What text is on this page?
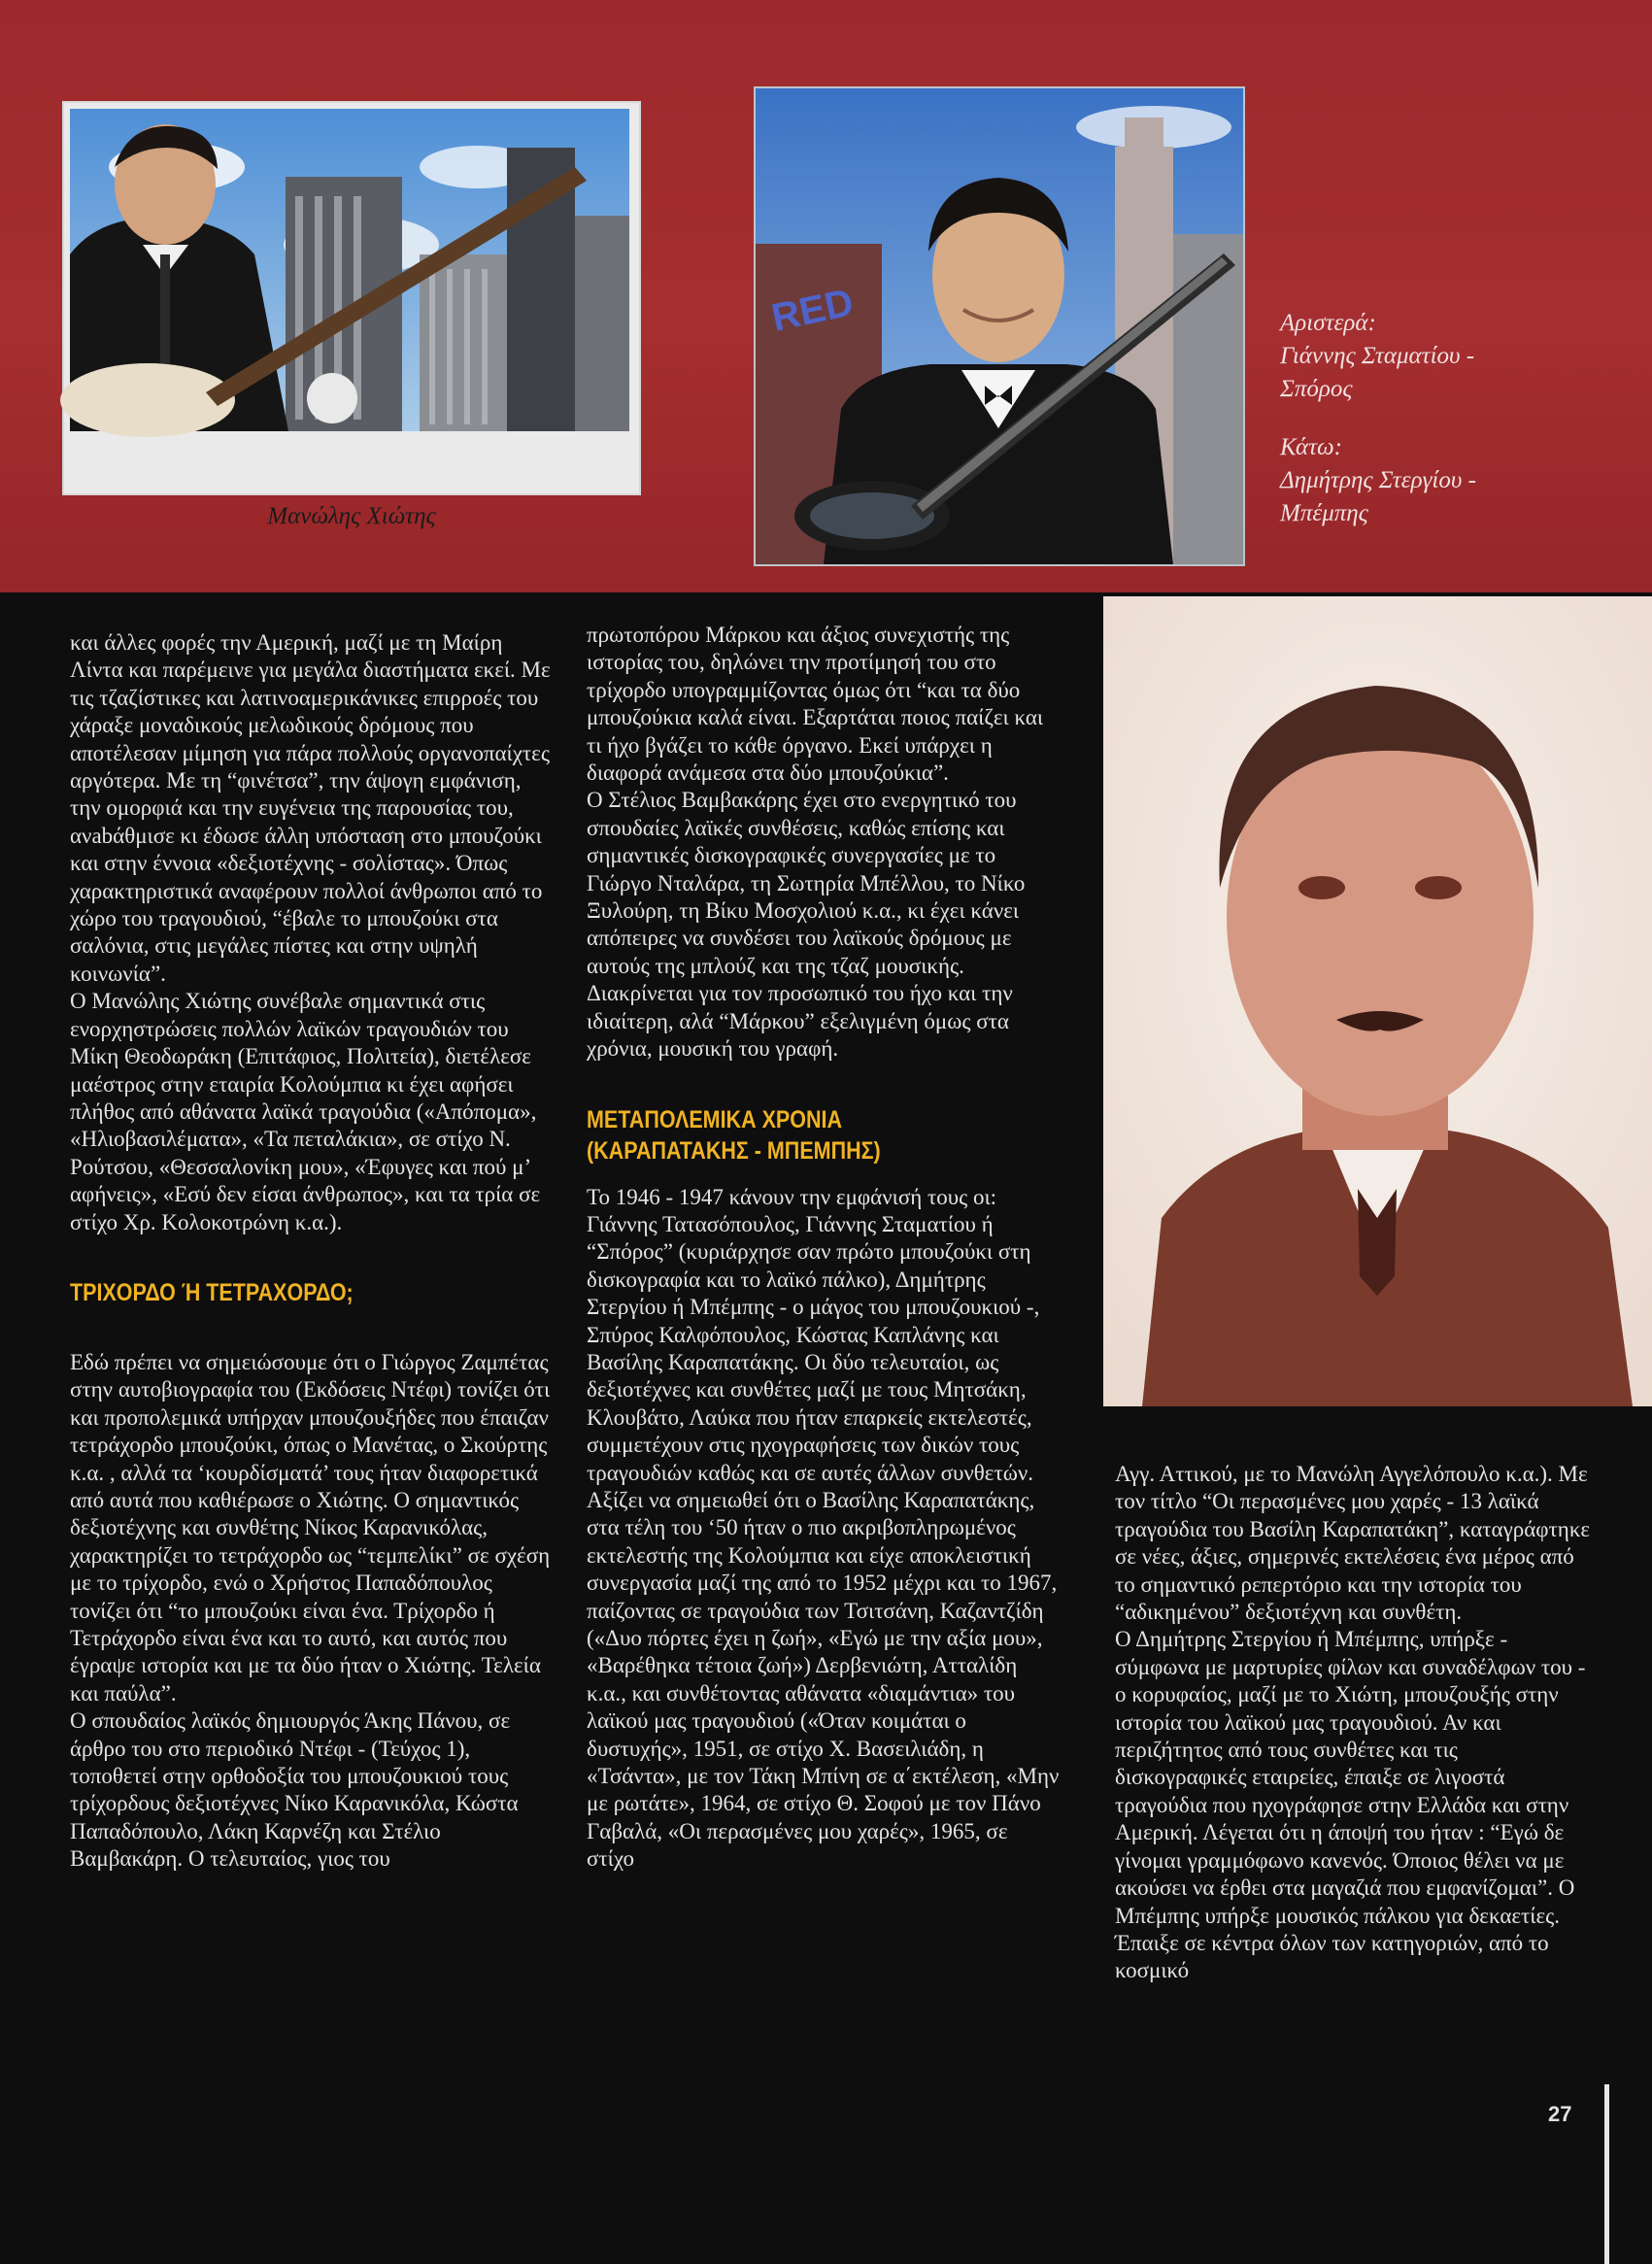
Μανώλης Χιώτης
RED	Αριστερά:
Γιάννης Σταματίου -
Σπόρος
Κάτω:
Δημήτρης Στεργίου -
Μπέμπης

και άλλες φορές την Αμερική, μαζί με τη Μαίρη Λίντα και παρέμεινε για μεγάλα διαστήματα εκεί. Με τις τζαζίστικες και λατινοαμερικάνικες επιρροές του χάραξε μοναδικούς μελωδικούς δρόμους που αποτέλεσαν μίμηση για πάρα πολλούς οργανοπαίχτες αργότερα. Με τη “φινέτσα”, την άψογη εμφάνιση, την ομορφιά και την ευγένεια της παρουσίας του, ανabάθμισε κι έδωσε άλλη υπόσταση στο μπουζούκι και στην έννοια «δεξιοτέχνης - σολίστας». Όπως χαρακτηριστικά αναφέρουν πολλοί άνθρωποι από το χώρο του τραγουδιού, “έβαλε το μπουζούκι στα σαλόνια, στις μεγάλες πίστες και στην υψηλή κοινωνία”.

Ο Μανώλης Χιώτης συνέβαλε σημαντικά στις ενορχηστρώσεις πολλών λαϊκών τραγουδιών του Μίκη Θεοδωράκη (Επιτάφιος, Πολιτεία), διετέλεσε μαέστρος στην εταιρία Κολούμπια κι έχει αφήσει πλήθος από αθάνατα λαϊκά τραγούδια («Απόπομα», «Ηλιοβασιλέματα», «Τα πεταλάκια», σε στίχο Ν. Ρούτσου, «Θεσσαλονίκη μου», «Έφυγες και πού μ’ αφήνεις», «Εσύ δεν είσαι άνθρωπος», και τα τρία σε στίχο Χρ. Κολοκοτρώνη κ.α.).

ΤΡΙΧΟΡΔΟ Ή ΤΕΤΡΑΧΟΡΔΟ;

Εδώ πρέπει να σημειώσουμε ότι ο Γιώργος Ζαμπέτας στην αυτοβιογραφία του (Εκδόσεις Ντέφι) τονίζει ότι και προπολεμικά υπήρχαν μπουζουξήδες που έπαιζαν τετράχορδο μπουζούκι, όπως ο Μανέτας, ο Σκούρτης κ.α. , αλλά τα ‘κουρδίσματά’ τους ήταν διαφορετικά από αυτά που καθιέρωσε ο Χιώτης. Ο σημαντικός δεξιοτέχνης και συνθέτης Νίκος Καρανικόλας, χαρακτηρίζει το τετράχορδο ως “τεμπελίκι” σε σχέση με το τρίχορδο, ενώ ο Χρήστος Παπαδόπουλος τονίζει ότι “το μπουζούκι είναι ένα. Τρίχορδο ή Τετράχορδο είναι ένα και το αυτό, και αυτός που έγραψε ιστορία και με τα δύο ήταν ο Χιώτης. Τελεία και παύλα”.

Ο σπουδαίος λαϊκός δημιουργός Άκης Πάνου, σε άρθρο του στο περιοδικό Ντέφι - (Τεύχος 1), τοποθετεί στην ορθοδοξία του μπουζουκιού τους τρίχορδους δεξιοτέχνες Νίκο Καρανικόλα, Κώστα Παπαδόπουλο, Λάκη Καρνέζη και Στέλιο Βαμβακάρη. Ο τελευταίος, γιος του

πρωτοπόρου Μάρκου και άξιος συνεχιστής της ιστορίας του, δηλώνει την προτίμησή του στο τρίχορδο υπογραμμίζοντας όμως ότι “και τα δύο μπουζούκια καλά είναι. Εξαρτάται ποιος παίζει και τι ήχο βγάζει το κάθε όργανο. Εκεί υπάρχει η διαφορά ανάμεσα στα δύο μπουζούκια”.

Ο Στέλιος Βαμβακάρης έχει στο ενεργητικό του σπουδαίες λαϊκές συνθέσεις, καθώς επίσης και σημαντικές δισκογραφικές συνεργασίες με το Γιώργο Νταλάρα, τη Σωτηρία Μπέλλου, το Νίκο Ξυλούρη, τη Βίκυ Μοσχολιού κ.α., κι έχει κάνει απόπειρες να συνδέσει του λαϊκούς δρόμους με αυτούς της μπλούζ και της τζαζ μουσικής. Διακρίνεται για τον προσωπικό του ήχο και την ιδιαίτερη, αλά “Μάρκου” εξελιγμένη όμως στα χρόνια, μουσική του γραφή.

ΜΕΤΑΠΟΛΕΜΙΚΑ ΧΡΟΝΙΑ
(ΚΑΡΑΠΑΤΑΚΗΣ - ΜΠΕΜΠΗΣ)

Το 1946 - 1947 κάνουν την εμφάνισή τους οι: Γιάννης Τατασόπουλος, Γιάννης Σταματίου ή “Σπόρος” (κυριάρχησε σαν πρώτο μπουζούκι στη δισκογραφία και το λαϊκό πάλκο), Δημήτρης Στεργίου ή Μπέμπης - ο μάγος του μπουζουκιού -, Σπύρος Καλφόπουλος, Κώστας Καπλάνης και Βασίλης Καραπατάκης. Οι δύο τελευταίοι, ως δεξιοτέχνες και συνθέτες μαζί με τους Μητσάκη, Κλουβάτο, Λαύκα που ήταν επαρκείς εκτελεστές, συμμετέχουν στις ηχογραφήσεις των δικών τους τραγουδιών καθώς και σε αυτές άλλων συνθετών.

Αξίζει να σημειωθεί ότι ο Βασίλης Καραπατάκης, στα τέλη του ‘50 ήταν ο πιο ακριβοπληρωμένος εκτελεστής της Κολούμπια και είχε αποκλειστική συνεργασία μαζί της από το 1952 μέχρι και το 1967, παίζοντας σε τραγούδια των Τσιτσάνη, Καζαντζίδη («Δυο πόρτες έχει η ζωή», «Εγώ με την αξία μου», «Βαρέθηκα τέτοια ζωή») Δερβενιώτη, Ατταλίδη κ.α., και συνθέτοντας αθάνατα «διαμάντια» του λαϊκού μας τραγουδιού («Όταν κοιμάται ο δυστυχής», 1951, σε στίχο Χ. Βασειλιάδη, η «Τσάντα», με τον Τάκη Μπίνη σε α΄εκτέλεση, «Μην με ρωτάτε», 1964, σε στίχο Θ. Σοφού με τον Πάνο Γαβαλά, «Οι περασμένες μου χαρές», 1965, σε στίχο

Αγγ. Αττικού, με το Μανώλη Αγγελόπουλο κ.α.). Με τον τίτλο “Οι περασμένες μου χαρές - 13 λαϊκά τραγούδια του Βασίλη Καραπατάκη”, καταγράφτηκε σε νέες, άξιες, σημερινές εκτελέσεις ένα μέρος από το σημαντικό ρεπερτόριο και την ιστορία του “αδικημένου” δεξιοτέχνη και συνθέτη.

Ο Δημήτρης Στεργίου ή Μπέμπης, υπήρξε - σύμφωνα με μαρτυρίες φίλων και συναδέλφων του - ο κορυφαίος, μαζί με το Χιώτη, μπουζουξής στην ιστορία του λαϊκού μας τραγουδιού. Αν και περιζήτητος από τους συνθέτες και τις δισκογραφικές εταιρείες, έπαιξε σε λιγοστά τραγούδια που ηχογράφησε στην Ελλάδα και στην Αμερική. Λέγεται ότι η άποψή του ήταν : “Εγώ δε γίνομαι γραμμόφωνο κανενός. Όποιος θέλει να με ακούσει να έρθει στα μαγαζιά που εμφανίζομαι”. Ο Μπέμπης υπήρξε μουσικός πάλκου για δεκαετίες. Έπαιξε σε κέντρα όλων των κατηγοριών, από το κοσμικό

27
